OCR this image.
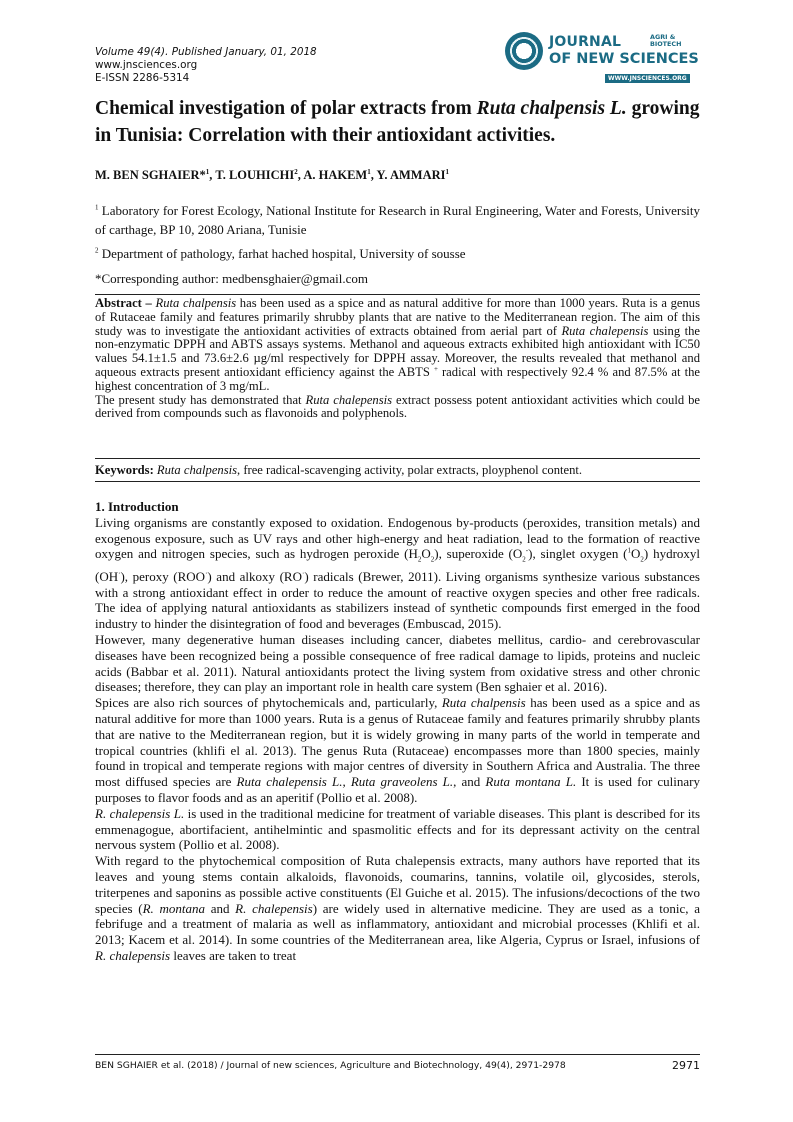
Volume 49(4). Published January, 01, 2018
www.jnsciences.org
E-ISSN 2286-5314
JOURNAL	AGRI & BIOTECH
OF NEW SCIENCES
WWW.JNSCIENCES.ORG
Chemical investigation of polar extracts from Ruta chalpensis L. growing in Tunisia: Correlation with their antioxidant activities.
M. BEN SGHAIER*$^1$, T. LOUHICHI$^2$, A. HAKEM$^1$, Y. AMMARI$^1$
$^1$ Laboratory for Forest Ecology, National Institute for Research in Rural Engineering, Water and Forests, University of carthage, BP 10, 2080 Ariana, Tunisie
$^2$ Department of pathology, farhat hached hospital, University of sousse
*Corresponding author: medbensghaier@gmail.com
Abstract – Ruta chalpensis has been used as a spice and as natural additive for more than 1000 years. Ruta is a genus of Rutaceae family and features primarily shrubby plants that are native to the Mediterranean region. The aim of this study was to investigate the antioxidant activities of extracts obtained from aerial part of Ruta chalepensis using the non-enzymatic DPPH and ABTS assays systems. Methanol and aqueous extracts exhibited high antioxidant with IC50 values 54.1±1.5 and 73.6±2.6 µg/ml respectively for DPPH assay. Moreover, the results revealed that methanol and aqueous extracts present antioxidant efficiency against the ABTS + radical with respectively 92.4 % and 87.5% at the highest concentration of 3 mg/mL.
The present study has demonstrated that Ruta chalepensis extract possess potent antioxidant activities which could be derived from compounds such as flavonoids and polyphenols.
Keywords: Ruta chalpensis, free radical-scavenging activity, polar extracts, ployphenol content.

1. Introduction

Living organisms are constantly exposed to oxidation. Endogenous by-products (peroxides, transition metals) and exogenous exposure, such as UV rays and other high-energy and heat radiation, lead to the formation of reactive oxygen and nitrogen species, such as hydrogen peroxide $(H_2O_2)$, superoxide $(O_2^-)$, singlet oxygen $(^1O_2)$ hydroxyl (OH·), peroxy (ROO·) and alkoxy (RO·) radicals (Brewer, 2011). Living organisms synthesize various substances with a strong antioxidant effect in order to reduce the amount of reactive oxygen species and other free radicals. The idea of applying natural antioxidants as stabilizers instead of synthetic compounds first emerged in the food industry to hinder the disintegration of food and beverages (Embuscad, 2015).

However, many degenerative human diseases including cancer, diabetes mellitus, cardio- and cerebrovascular diseases have been recognized being a possible consequence of free radical damage to lipids, proteins and nucleic acids (Babbar et al. 2011). Natural antioxidants protect the living system from oxidative stress and other chronic diseases; therefore, they can play an important role in health care system (Ben sghaier et al. 2016).

Spices are also rich sources of phytochemicals and, particularly, Ruta chalpensis has been used as a spice and as natural additive for more than 1000 years. Ruta is a genus of Rutaceae family and features primarily shrubby plants that are native to the Mediterranean region, but it is widely growing in many parts of the world in temperate and tropical countries (khlifi el al. 2013). The genus Ruta (Rutaceae) encompasses more than 1800 species, mainly found in tropical and temperate regions with major centres of diversity in Southern Africa and Australia. The three most diffused species are Ruta chalepensis L., Ruta graveolens L., and Ruta montana L. It is used for culinary purposes to flavor foods and as an aperitif (Pollio et al. 2008).

R. chalepensis L. is used in the traditional medicine for treatment of variable diseases. This plant is described for its emmenagogue, abortifacient, antihelmintic and spasmolitic effects and for its depressant activity on the central nervous system (Pollio et al. 2008).

With regard to the phytochemical composition of Ruta chalepensis extracts, many authors have reported that its leaves and young stems contain alkaloids, flavonoids, coumarins, tannins, volatile oil, glycosides, sterols, triterpenes and saponins as possible active constituents (El Guiche et al. 2015). The infusions/decoctions of the two species (R. montana and R. chalepensis) are widely used in alternative medicine. They are used as a tonic, a febrifuge and a treatment of malaria as well as inflammatory, antioxidant and microbial processes (Khlifi et al. 2013; Kacem et al. 2014). In some countries of the Mediterranean area, like Algeria, Cyprus or Israel, infusions of R. chalepensis leaves are taken to treat

BEN SGHAIER et al. (2018) / Journal of new sciences, Agriculture and Biotechnology, 49(4), 2971-2978	2971
